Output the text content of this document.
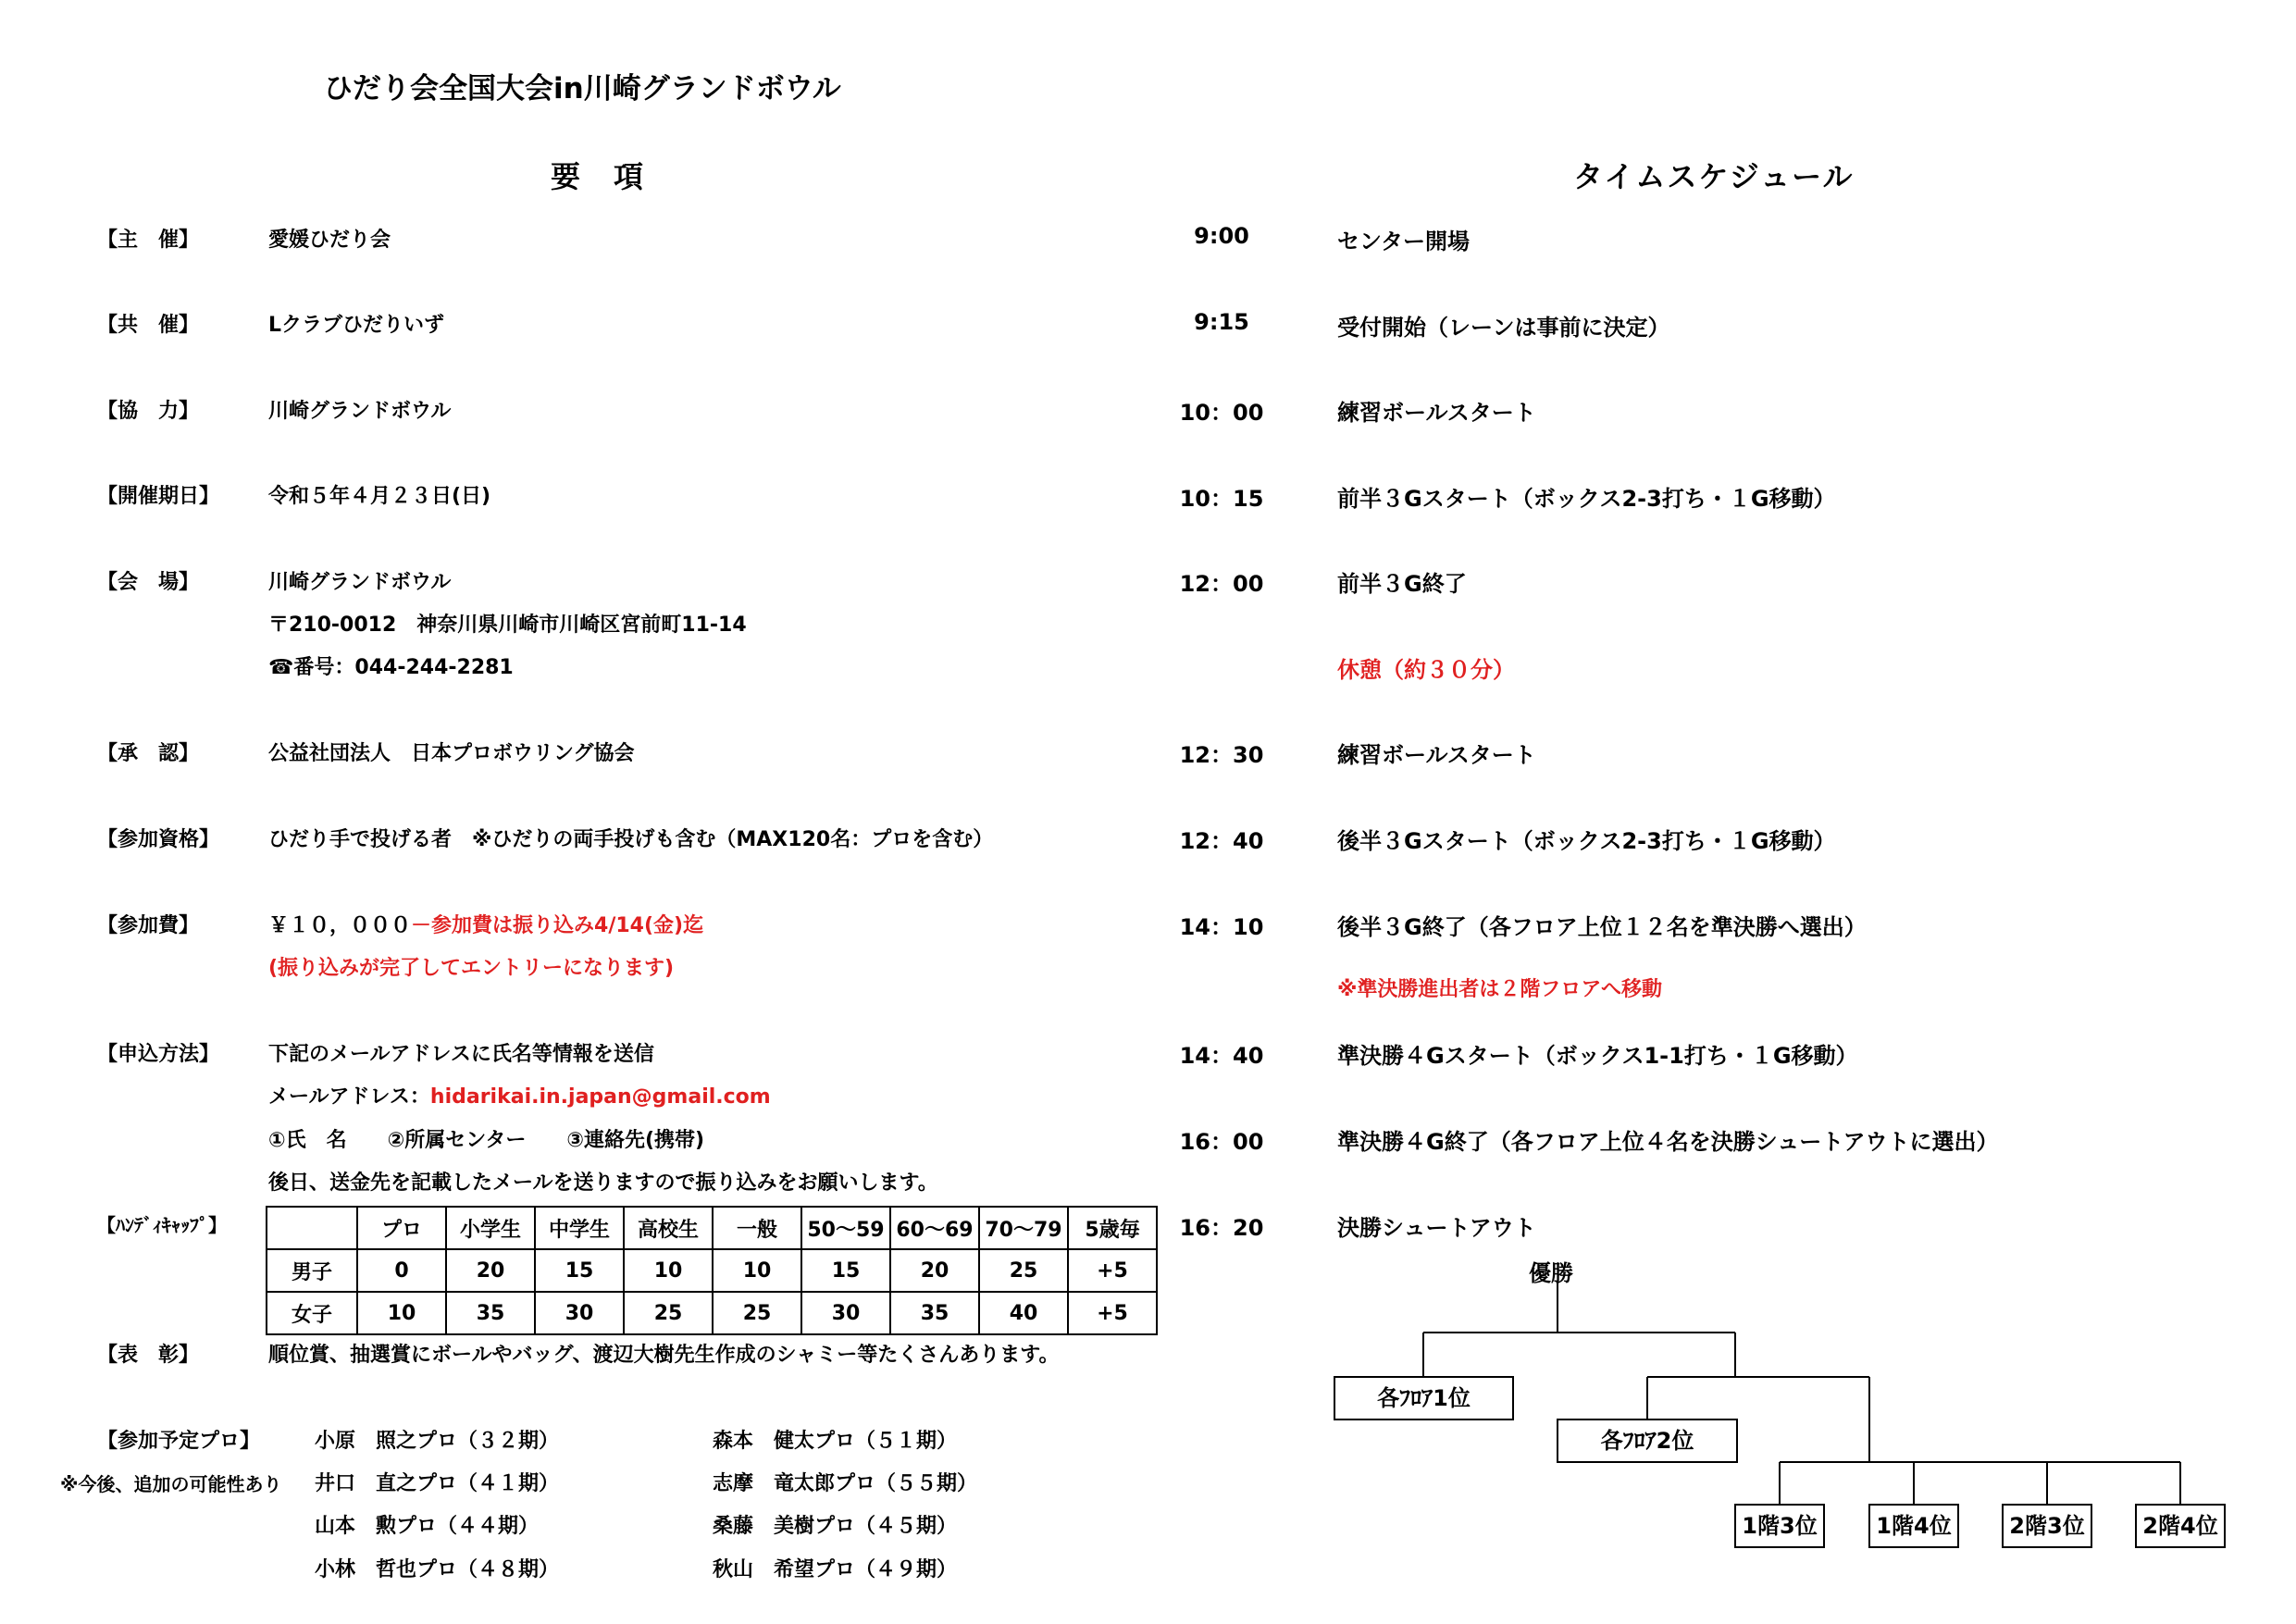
ひだり会全国大会in川崎グランドボウル
要　項	タイムスケジュール
【主　催】	愛媛ひだり会
【共　催】	Lクラブひだりいず
【協　力】	川崎グランドボウル
【開催期日】 令和５年４月２３日(日)
【会　場】	川崎グランドボウル
〒210-0012　神奈川県川崎市川崎区宮前町11-14
☎番号：044-244-2281
【承　認】	公益社団法人　日本プロボウリング協会
【参加資格】 ひだり手で投げる者　※ひだりの両手投げも含む（MAX120名：プロを含む）
【参加費】	￥１０，０００－参加費は振り込み4/14(金)迄
(振り込みが完了してエントリーになります)
【申込方法】 下記のメールアドレスに氏名等情報を送信
メールアドレス：hidarikai.in.japan@gmail.com
①氏　名　　②所属センター　　③連絡先(携帯)
後日、送金先を記載したメールを送りますので振り込みをお願いします。
【ﾊﾝﾃﾞｨｷｬｯﾌﾟ】
		プロ	小学生	中学生	高校生	一般	50～59	60～69	70～79	5歳毎
男子	0	20	15	10	10	15	20	25	+5
女子	10	35	30	25	25	30	35	40	+5
【表　彰】	順位賞、抽選賞にボールやバッグ、渡辺大樹先生作成のシャミー等たくさんあります。
【参加予定プロ】
※今後、追加の可能性あり
小原　照之プロ（３２期）
井口　直之プロ（４１期）
山本　勲プロ（４４期）
小林　哲也プロ（４８期）
森本　健太プロ（５１期）
志摩　竜太郎プロ（５５期）
桑藤　美樹プロ（４５期）
秋山　希望プロ（４９期）
9:00	センター開場
9:15	受付開始（レーンは事前に決定）
10：00	練習ボールスタート
10：15	前半３Gスタート（ボックス2-3打ち・１G移動）
12：00	前半３G終了
休憩（約３０分）
12：30	練習ボールスタート
12：40	後半３Gスタート（ボックス2-3打ち・１G移動）
14：10	後半３G終了（各フロア上位１２名を準決勝へ選出）
※準決勝進出者は２階フロアへ移動
14：40	準決勝４Gスタート（ボックス1-1打ち・１G移動）
16：00	準決勝４G終了（各フロア上位４名を決勝シュートアウトに選出）
16：20	決勝シュートアウト
優勝
各ﾌﾛｱ1位
各ﾌﾛｱ2位
1階3位	1階4位	2階3位	2階4位
